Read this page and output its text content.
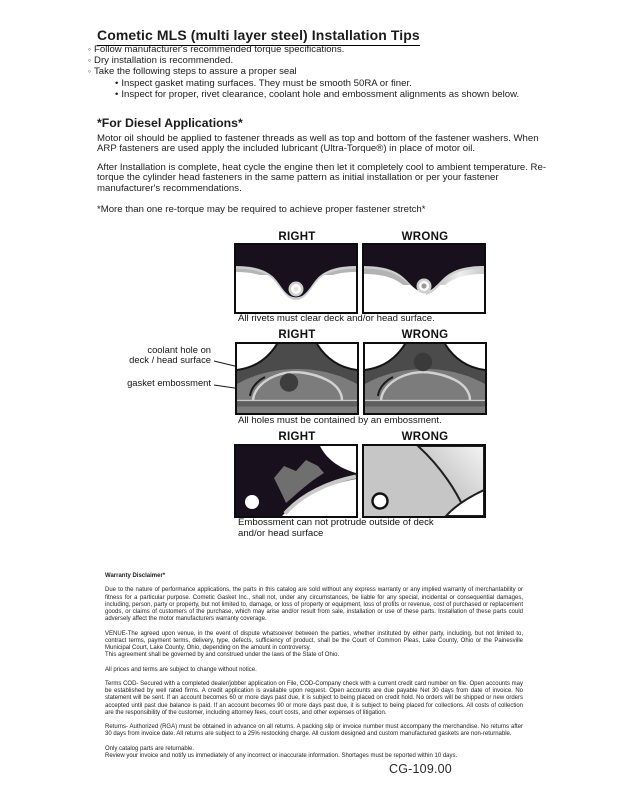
Cometic MLS (multi layer steel) Installation Tips
◦ Follow manufacturer's recommended torque specifications.
◦ Dry installation is recommended.
◦ Take the following steps to assure a proper seal
• Inspect gasket mating surfaces. They must be smooth 50RA or finer.
• Inspect for proper, rivet clearance, coolant hole and embossment alignments as shown below.
*For Diesel Applications*
Motor oil should be applied to fastener threads as well as top and bottom of the fastener washers. When ARP fasteners are used apply the included lubricant (Ultra-Torque®) in place of motor oil.
After Installation is complete, heat cycle the engine then let it completely cool to ambient temperature. Re-torque the cylinder head fasteners in the same pattern as initial installation or per your fastener manufacturer's recommendations.
*More than one re-torque may be required to achieve proper fastener stretch*
RIGHT	WRONG
All rivets must clear deck and/or head surface.
RIGHT	WRONG
coolant hole on
deck / head surface
gasket embossment
All holes must be contained by an embossment.
RIGHT	WRONG
Embossment can not protrude outside of deck
and/or head surface
Warranty Disclaimer*

Due to the nature of performance applications, the parts in this catalog are sold without any express warranty or any implied warranty of merchantability or fitness for a particular purpose. Cometic Gasket Inc., shall not, under any circumstances, be liable for any special, incidental or consequential damages, including, person, party or property, but not limited to, damage, or loss of property or equipment, loss of profits or revenue, cost of purchased or replacement goods, or claims of customers of the purchase, which may arise and/or result from sale, installation or use of these parts. Installation of these parts could adversely affect the motor manufacturers warranty coverage.

VENUE-The agreed upon venue, in the event of dispute whatsoever between the parties, whether instituted by either party, including, but not limited to, contract terms, payment terms, delivery, type, defects, sufficiency of product, shall be the Court of Common Pleas, Lake County, Ohio or the Painesville Municipal Court, Lake County, Ohio, depending on the amount in controversy.

This agreement shall be governed by and construed under the laws of the State of Ohio.

All prices and terms are subject to change without notice.

Terms COD- Secured with a completed dealer/jobber application on File, COD-Company check with a current credit card number on file. Open accounts may be established by well rated firms. A credit application is available upon request. Open accounts are due payable Net 30 days from date of invoice. No statement will be sent. If an account becomes 60 or more days past due, it is subject to being placed on credit hold. No orders will be shipped or new orders accepted until past due balance is paid. If an account becomes 90 or more days past due, it is subject to being placed for collections. All costs of collection are the responsibility of the customer, including attorney fees, court costs, and other expenses of litigation.

Returns- Authorized (RGA) must be obtained in advance on all returns. A packing slip or invoice number must accompany the merchandise. No returns after 30 days from invoice date. All returns are subject to a 25% restocking charge. All custom designed and custom manufactured gaskets are non-returnable.

Only catalog parts are returnable.

Review your invoice and notify us immediately of any incorrect or inaccurate information. Shortages must be reported within 10 days.

CG-109.00
